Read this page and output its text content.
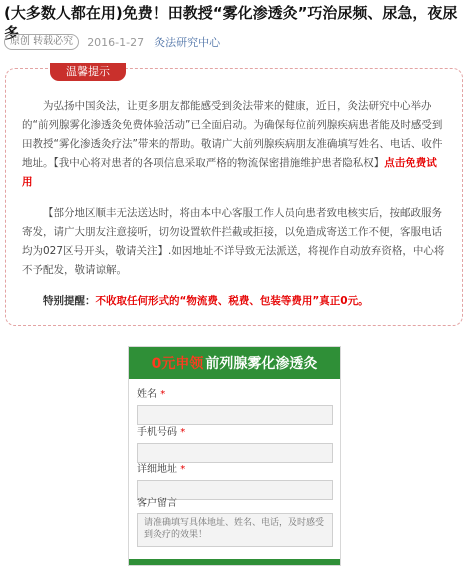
(大多数人都在用)免费！田教授“雾化渗透灸”巧治尿频、尿急，夜尿多
原创 转载必究	2016-1-27 灸法研究中心
温馨提示

为弘扬中国灸法，让更多朋友都能感受到灸法带来的健康，近日，灸法研究中心举办的“前列腺雾化渗透灸免费体验活动”已全面启动。为确保每位前列腺疾病患者能及时感受到田教授“雾化渗透灸疗法”带来的帮助。敬请广大前列腺疾病朋友准确填写姓名、电话、收件地址。【我中心将对患者的各项信息采取严格的物流保密措施维护患者隐私权】点击免费试用

【部分地区顺丰无法送达时，将由本中心客服工作人员向患者致电核实后，按邮政服务寄发，请广大朋友注意接听，切勿设置软件拦截或拒接，以免造成寄送工作不便，客服电话均为027区号开头，敬请关注】.如因地址不详导致无法派送，将视作自动放弃资格，中心将不予配发，敬请谅解。

特别提醒：不收取任何形式的“物流费、税费、包装等费用”真正0元。

0元申领 前列腺雾化渗透灸
姓名 *
手机号码 *
详细地址 *
客户留言
请准确填写具体地址、姓名、电话，及时感受到灸疗的效果！
